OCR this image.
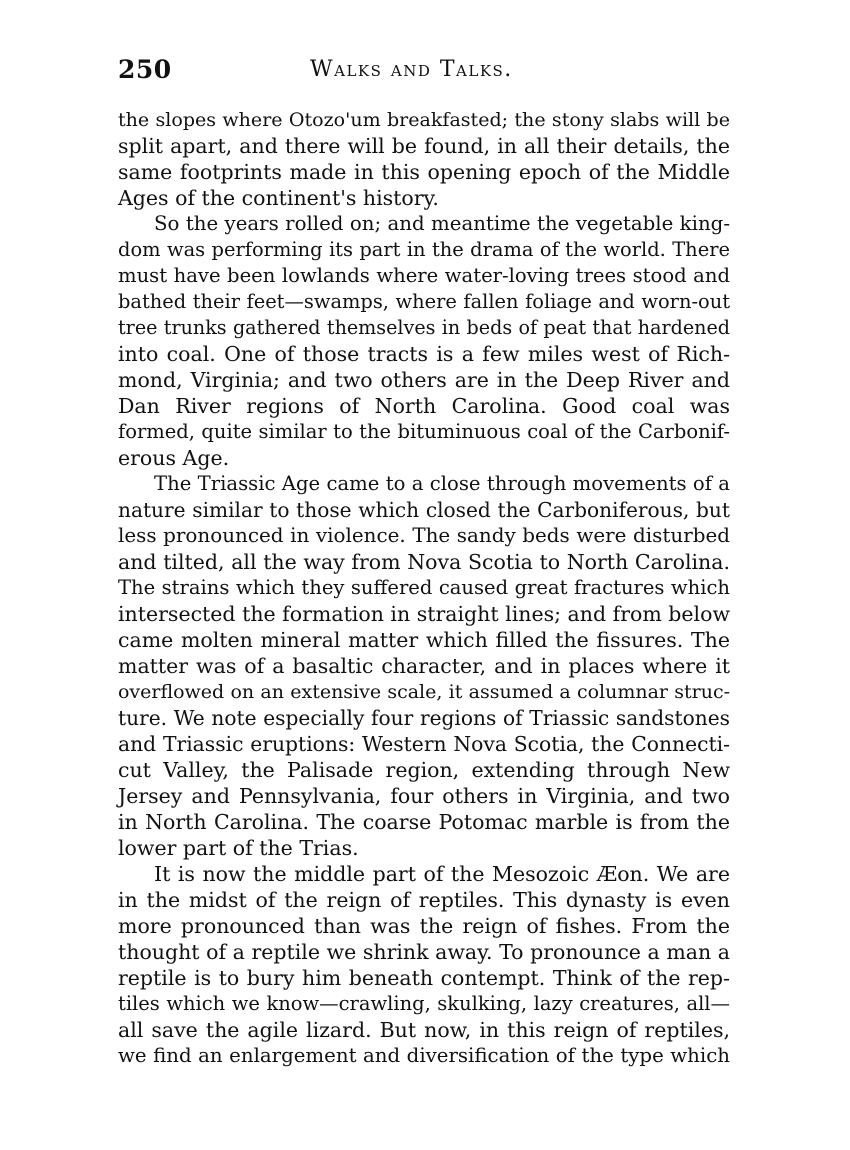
250	Walks and Talks.
the slopes where Otozo'um breakfasted; the stony slabs will be
split apart, and there will be found, in all their details, the
same footprints made in this opening epoch of the Middle
Ages of the continent's history.
So the years rolled on; and meantime the vegetable king-
dom was performing its part in the drama of the world. There
must have been lowlands where water-loving trees stood and
bathed their feet—swamps, where fallen foliage and worn-out
tree trunks gathered themselves in beds of peat that hardened
into coal. One of those tracts is a few miles west of Rich-
mond, Virginia; and two others are in the Deep River and
Dan River regions of North Carolina. Good coal was
formed, quite similar to the bituminuous coal of the Carbonif-
erous Age.
The Triassic Age came to a close through movements of a
nature similar to those which closed the Carboniferous, but
less pronounced in violence. The sandy beds were disturbed
and tilted, all the way from Nova Scotia to North Carolina.
The strains which they suffered caused great fractures which
intersected the formation in straight lines; and from below
came molten mineral matter which filled the fissures. The
matter was of a basaltic character, and in places where it
overflowed on an extensive scale, it assumed a columnar struc-
ture. We note especially four regions of Triassic sandstones
and Triassic eruptions: Western Nova Scotia, the Connecti-
cut Valley, the Palisade region, extending through New
Jersey and Pennsylvania, four others in Virginia, and two
in North Carolina. The coarse Potomac marble is from the
lower part of the Trias.
It is now the middle part of the Mesozoic Æon. We are
in the midst of the reign of reptiles. This dynasty is even
more pronounced than was the reign of fishes. From the
thought of a reptile we shrink away. To pronounce a man a
reptile is to bury him beneath contempt. Think of the rep-
tiles which we know—crawling, skulking, lazy creatures, all—
all save the agile lizard. But now, in this reign of reptiles,
we find an enlargement and diversification of the type which
